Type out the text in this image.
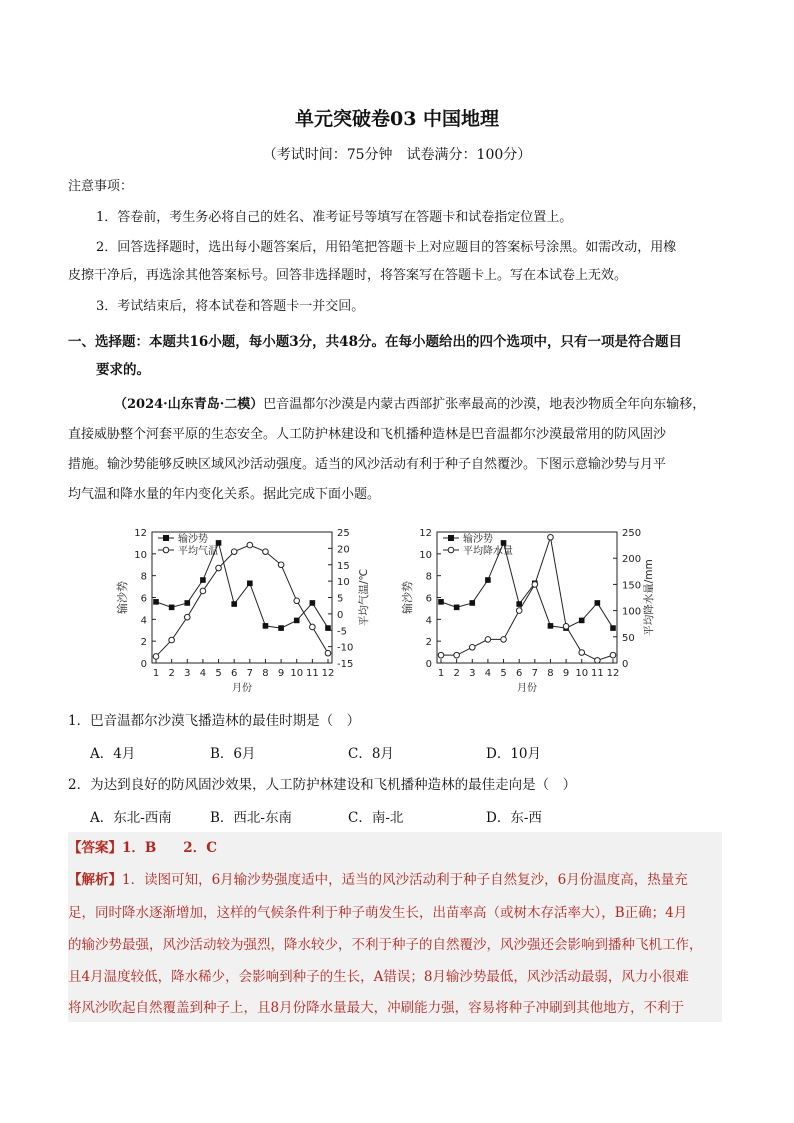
单元突破卷03 中国地理
（考试时间：75分钟　试卷满分：100分）
注意事项：
1．答卷前，考生务必将自己的姓名、准考证号等填写在答题卡和试卷指定位置上。
2．回答选择题时，选出每小题答案后，用铅笔把答题卡上对应题目的答案标号涂黑。如需改动，用橡
皮擦干净后，再选涂其他答案标号。回答非选择题时，将答案写在答题卡上。写在本试卷上无效。
3．考试结束后，将本试卷和答题卡一并交回。
一、选择题：本题共16小题，每小题3分，共48分。在每小题给出的四个选项中，只有一项是符合题目
要求的。
（2024·山东青岛·二模）巴音温都尔沙漠是内蒙古西部扩张率最高的沙漠，地表沙物质全年向东输移，
直接威胁整个河套平原的生态安全。人工防护林建设和飞机播种造林是巴音温都尔沙漠最常用的防风固沙
措施。输沙势能够反映区域风沙活动强度。适当的风沙活动有利于种子自然覆沙。下图示意输沙势与月平
均气温和降水量的年内变化关系。据此完成下面小题。
0
2
4
6
8
10
12
-15
-10
-5
0
5
10
15
20
25
1 2 3 4 5 6 7 8 9 10 11 12
月份
输沙势	平均气温/℃
输沙势
平均气温
0
2
4
6
8
10
12
0
50
100
150
200
250
1 2 3 4 5 6 7 8 9 10 11 12
月份
输沙势	平均降水量/mm
输沙势
平均降水量
1．巴音温都尔沙漠飞播造林的最佳时期是（　）
A．4月	B．6月	C．8月	D．10月
2．为达到良好的防风固沙效果，人工防护林建设和飞机播种造林的最佳走向是（　）
A．东北-西南	B．西北-东南	C．南-北	D．东-西
【答案】1．B　　2．C
【解析】1．读图可知，6月输沙势强度适中，适当的风沙活动利于种子自然复沙，6月份温度高，热量充
足，同时降水逐渐增加，这样的气候条件利于种子萌发生长，出苗率高（或树木存活率大），B正确；4月
的输沙势最强，风沙活动较为强烈，降水较少，不利于种子的自然覆沙，风沙强还会影响到播种飞机工作，
且4月温度较低，降水稀少，会影响到种子的生长，A错误；8月输沙势最低，风沙活动最弱，风力小很难
将风沙吹起自然覆盖到种子上，且8月份降水量最大，冲刷能力强，容易将种子冲刷到其他地方，不利于
